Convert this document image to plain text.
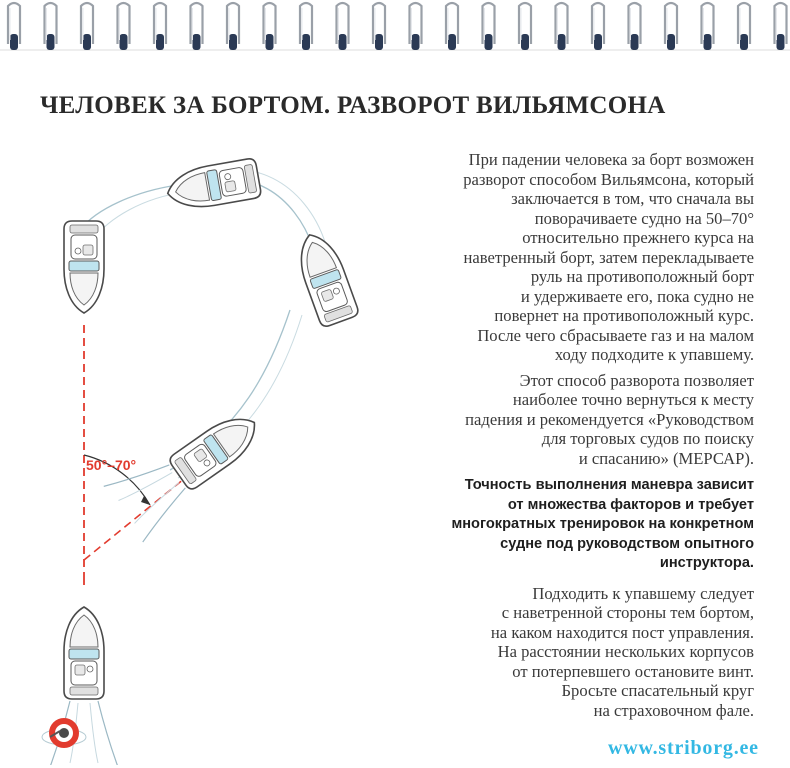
ЧЕЛОВЕК ЗА БОРТОМ. РАЗВОРОТ ВИЛЬЯМСОНА
50°–70°

При падении человека за борт возможен
разворот способом Вильямсона, который
заключается в том, что сначала вы
поворачиваете судно на 50–70°
относительно прежнего курса на
наветренный борт, затем перекладываете
руль на противоположный борт
и удерживаете его, пока судно не
повернет на противоположный курс.
После чего сбрасываете газ и на малом
ходу подходите к упавшему.

Этот способ разворота позволяет
наиболее точно вернуться к месту
падения и рекомендуется «Руководством
для торговых судов по поиску
и спасанию» (МЕРСАР).

Точность выполнения маневра зависит
от множества факторов и требует
многократных тренировок на конкретном
судне под руководством опытного
инструктора.

Подходить к упавшему следует
с наветренной стороны тем бортом,
на каком находится пост управления.
На расстоянии нескольких корпусов
от потерпевшего остановите винт.
Бросьте спасательный круг
на страховочном фале.

www.striborg.ee
